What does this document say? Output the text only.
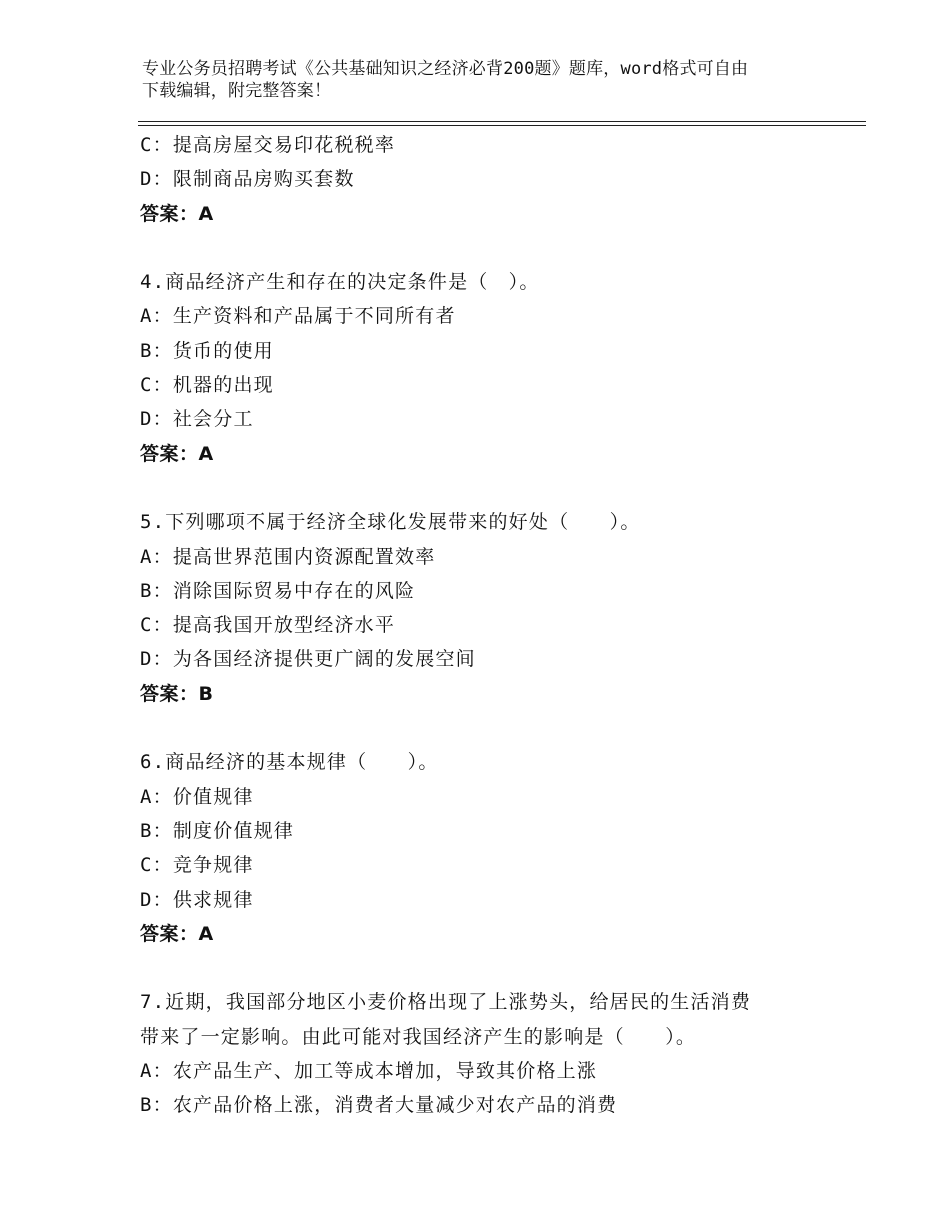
专业公务员招聘考试《公共基础知识之经济必背200题》题库，word格式可自由
下载编辑，附完整答案！
C：提高房屋交易印花税税率
D：限制商品房购买套数
答案：A
4.商品经济产生和存在的决定条件是（　）。
A：生产资料和产品属于不同所有者
B：货币的使用
C：机器的出现
D：社会分工
答案：A
5.下列哪项不属于经济全球化发展带来的好处（　　）。
A：提高世界范围内资源配置效率
B：消除国际贸易中存在的风险
C：提高我国开放型经济水平
D：为各国经济提供更广阔的发展空间
答案：B
6.商品经济的基本规律（　　）。
A：价值规律
B：制度价值规律
C：竞争规律
D：供求规律
答案：A
7.近期，我国部分地区小麦价格出现了上涨势头，给居民的生活消费
带来了一定影响。由此可能对我国经济产生的影响是（　　）。
A：农产品生产、加工等成本增加，导致其价格上涨
B：农产品价格上涨，消费者大量减少对农产品的消费
